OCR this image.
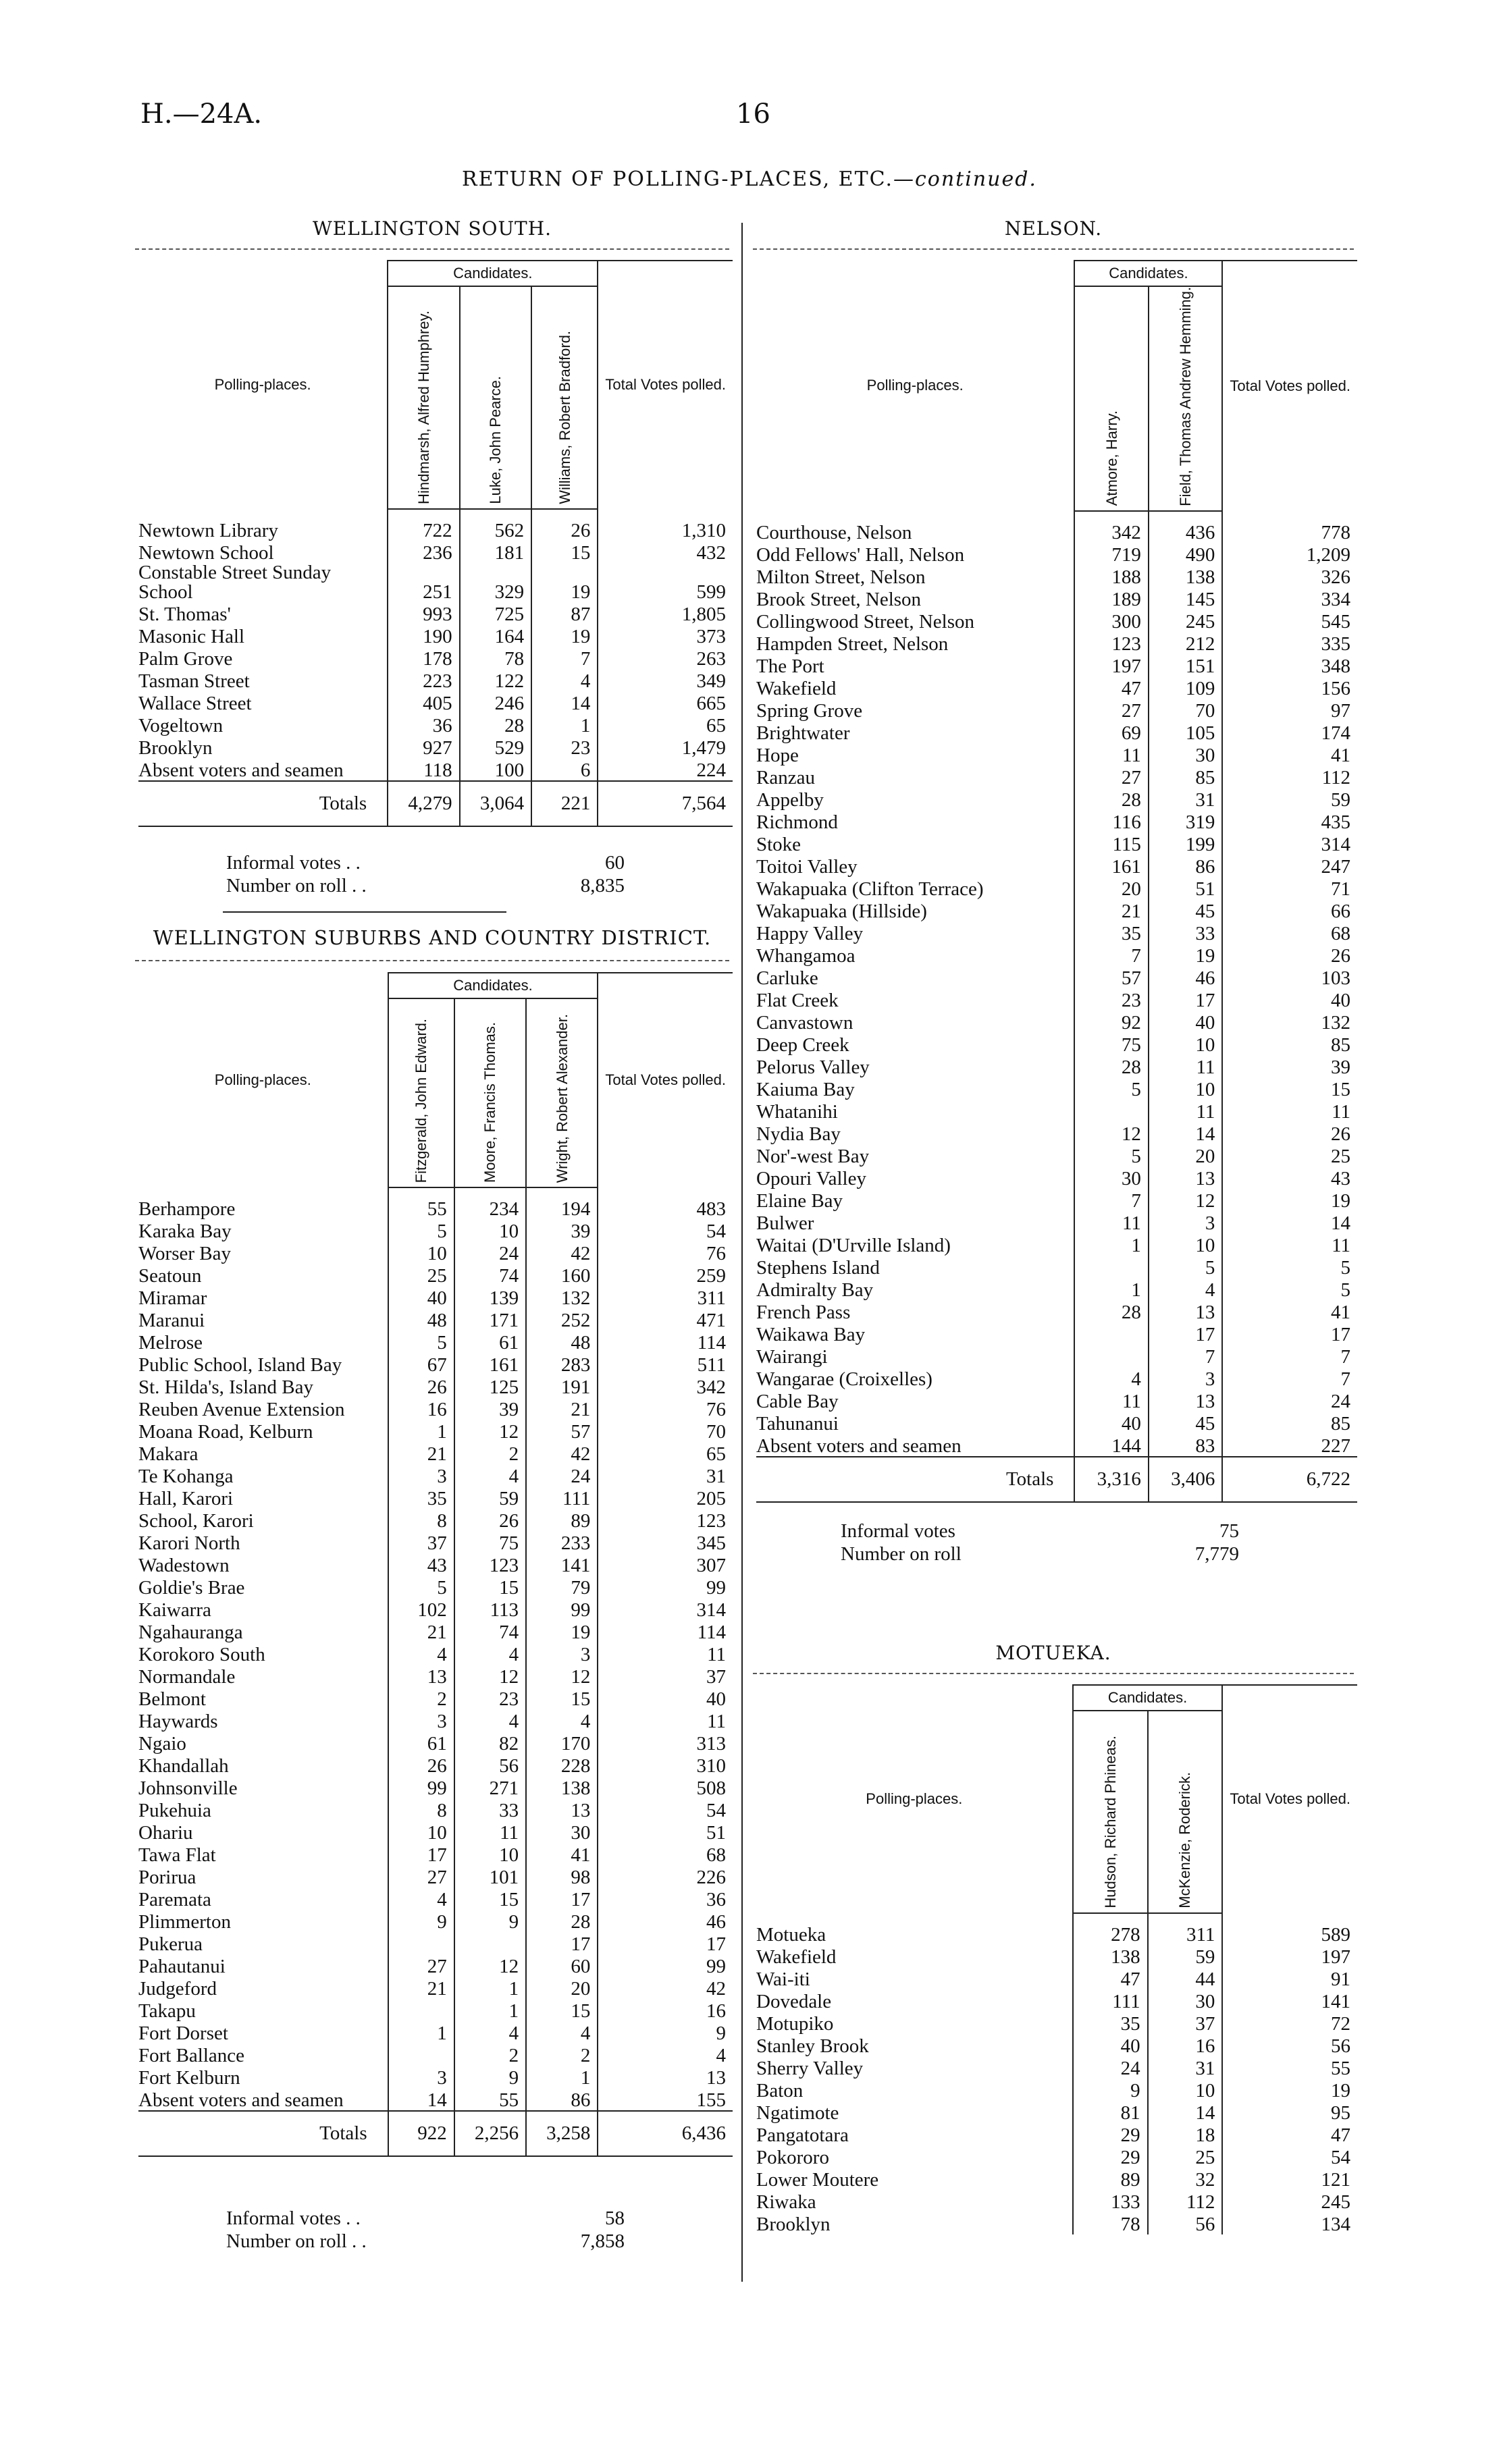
H.—24A.	16
RETURN OF POLLING-PLACES, ETC.—continued.
WELLINGTON SOUTH.
Polling-places.	Candidates.			Total Votes polled.
	Hindmarsh, Alfred Humphrey.	Luke, John Pearce.	Williams, Robert Bradford.	
Newtown Library	722	562	26	1,310
Newtown School	236	181	15	432
Constable Street Sunday School	251	329	19	599
St. Thomas'	993	725	87	1,805
Masonic Hall	190	164	19	373
Palm Grove	178	78	7	263
Tasman Street	223	122	4	349
Wallace Street	405	246	14	665
Vogeltown	36	28	1	65
Brooklyn	927	529	23	1,479
Absent voters and seamen	118	100	6	224
Totals	4,279	3,064	221	7,564
Informal votes . .	60
Number on roll . .	8,835
WELLINGTON SUBURBS AND COUNTRY DISTRICT.
Polling-places.	Candidates.			Total Votes polled.
	Fitzgerald, John Edward.	Moore, Francis Thomas.	Wright, Robert Alexander.	
Berhampore	55	234	194	483
Karaka Bay	5	10	39	54
Worser Bay	10	24	42	76
Seatoun	25	74	160	259
Miramar	40	139	132	311
Maranui	48	171	252	471
Melrose	5	61	48	114
Public School, Island Bay	67	161	283	511
St. Hilda's, Island Bay	26	125	191	342
Reuben Avenue Extension	16	39	21	76
Moana Road, Kelburn	1	12	57	70
Makara	21	2	42	65
Te Kohanga	3	4	24	31
Hall, Karori	35	59	111	205
School, Karori	8	26	89	123
Karori North	37	75	233	345
Wadestown	43	123	141	307
Goldie's Brae	5	15	79	99
Kaiwarra	102	113	99	314
Ngahauranga	21	74	19	114
Korokoro South	4	4	3	11
Normandale	13	12	12	37
Belmont	2	23	15	40
Haywards	3	4	4	11
Ngaio	61	82	170	313
Khandallah	26	56	228	310
Johnsonville	99	271	138	508
Pukehuia	8	33	13	54
Ohariu	10	11	30	51
Tawa Flat	17	10	41	68
Porirua	27	101	98	226
Paremata	4	15	17	36
Plimmerton	9	9	28	46
Pukerua			17	17
Pahautanui	27	12	60	99
Judgeford	21	1	20	42
Takapu		1	15	16
Fort Dorset	1	4	4	9
Fort Ballance		2	2	4
Fort Kelburn	3	9	1	13
Absent voters and seamen	14	55	86	155
Totals	922	2,256	3,258	6,436
Informal votes . .	58
Number on roll . .	7,858
NELSON.
Polling-places.	Candidates.		Total Votes polled.
	Atmore, Harry.	Field, Thomas Andrew Hemming.	
Courthouse, Nelson	342	436	778
Odd Fellows' Hall, Nelson	719	490	1,209
Milton Street, Nelson	188	138	326
Brook Street, Nelson	189	145	334
Collingwood Street, Nelson	300	245	545
Hampden Street, Nelson	123	212	335
The Port	197	151	348
Wakefield	47	109	156
Spring Grove	27	70	97
Brightwater	69	105	174
Hope	11	30	41
Ranzau	27	85	112
Appelby	28	31	59
Richmond	116	319	435
Stoke	115	199	314
Toitoi Valley	161	86	247
Wakapuaka (Clifton Terrace)	20	51	71
Wakapuaka (Hillside)	21	45	66
Happy Valley	35	33	68
Whangamoa	7	19	26
Carluke	57	46	103
Flat Creek	23	17	40
Canvastown	92	40	132
Deep Creek	75	10	85
Pelorus Valley	28	11	39
Kaiuma Bay	5	10	15
Whatanihi		11	11
Nydia Bay	12	14	26
Nor'-west Bay	5	20	25
Opouri Valley	30	13	43
Elaine Bay	7	12	19
Bulwer	11	3	14
Waitai (D'Urville Island)	1	10	11
Stephens Island		5	5
Admiralty Bay	1	4	5
French Pass	28	13	41
Waikawa Bay		17	17
Wairangi		7	7
Wangarae (Croixelles)	4	3	7
Cable Bay	11	13	24
Tahunanui	40	45	85
Absent voters and seamen	144	83	227
Totals	3,316	3,406	6,722
Informal votes	75
Number on roll	7,779
MOTUEKA.
Polling-places.	Candidates.		Total Votes polled.
	Hudson, Richard Phineas.	McKenzie, Roderick.	
Motueka	278	311	589
Wakefield	138	59	197
Wai-iti	47	44	91
Dovedale	111	30	141
Motupiko	35	37	72
Stanley Brook	40	16	56
Sherry Valley	24	31	55
Baton	9	10	19
Ngatimote	81	14	95
Pangatotara	29	18	47
Pokororo	29	25	54
Lower Moutere	89	32	121
Riwaka	133	112	245
Brooklyn	78	56	134
